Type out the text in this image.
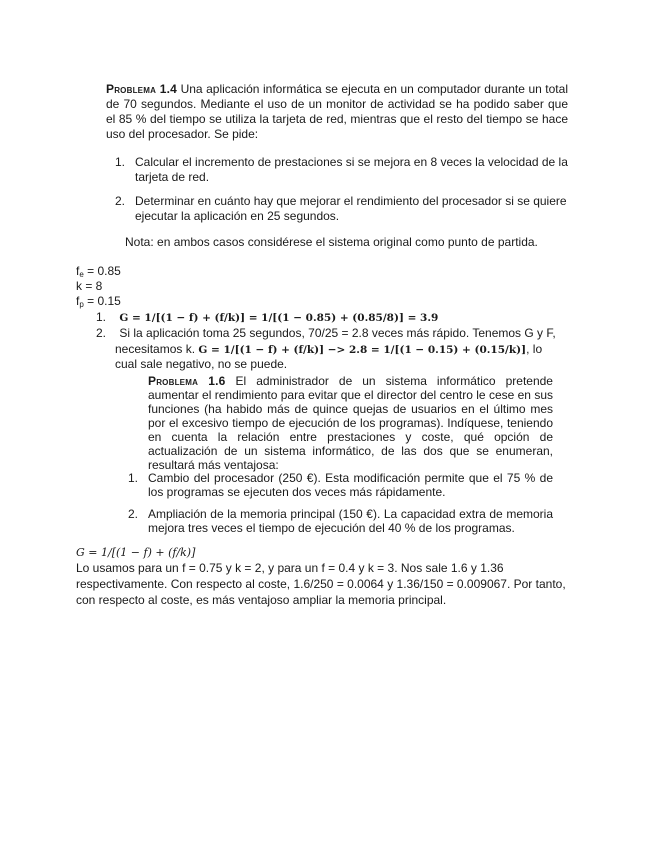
Problema 1.4 Una aplicación informática se ejecuta en un computador durante un total de 70 segundos. Mediante el uso de un monitor de actividad se ha podido saber que el 85 % del tiempo se utiliza la tarjeta de red, mientras que el resto del tiempo se hace uso del procesador. Se pide:
1. Calcular el incremento de prestaciones si se mejora en 8 veces la velocidad de la tarjeta de red.
2. Determinar en cuánto hay que mejorar el rendimiento del procesador si se quiere ejecutar la aplicación en 25 segundos.
Nota: en ambos casos considérese el sistema original como punto de partida.
$f_e = 0.85$
k = 8
$f_p = 0.15$
1. G = 1/[(1 − f) + (f/k)] = 1/[(1 − 0.85) + (0.85/8)] = 3.9
2. Si la aplicación toma 25 segundos, 70/25 = 2.8 veces más rápido. Tenemos G y F,
necesitamos k. G = 1/[(1 − f) + (f/k)] −> 2.8 = 1/[(1 − 0.15) + (0.15/k)], lo
cual sale negativo, no se puede.
Problema 1.6 El administrador de un sistema informático pretende aumentar el rendimiento para evitar que el director del centro le cese en sus funciones (ha habido más de quince quejas de usuarios en el último mes por el excesivo tiempo de ejecución de los programas). Indíquese, teniendo en cuenta la relación entre prestaciones y coste, qué opción de actualización de un sistema informático, de las dos que se enumeran, resultará más ventajosa:
1. Cambio del procesador (250 €). Esta modificación permite que el 75 % de los programas se ejecuten dos veces más rápidamente.
2. Ampliación de la memoria principal (150 €). La capacidad extra de memoria mejora tres veces el tiempo de ejecución del 40 % de los programas.
G = 1/[(1 − f) + (f/k)]
Lo usamos para un f = 0.75 y k = 2, y para un f = 0.4 y k = 3. Nos sale 1.6 y 1.36
respectivamente. Con respecto al coste, 1.6/250 = 0.0064 y 1.36/150 = 0.009067. Por tanto,
con respecto al coste, es más ventajoso ampliar la memoria principal.
